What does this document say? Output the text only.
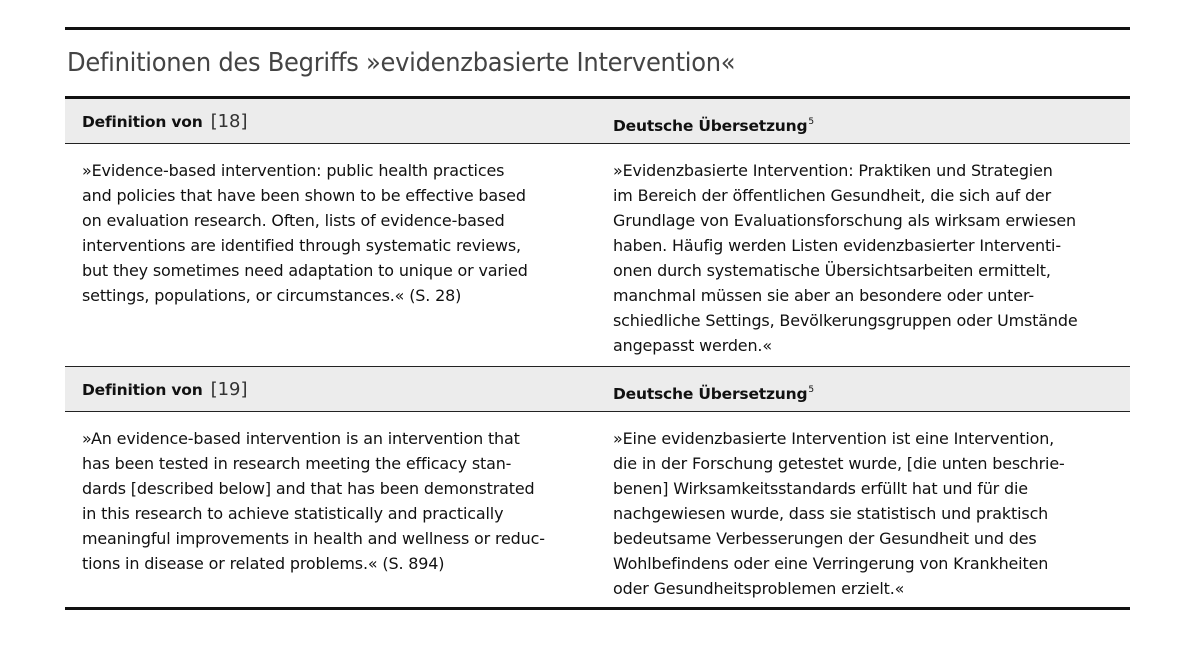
Definitionen des Begriffs »evidenzbasierte Intervention«
Definition von [18]	Deutsche Übersetzung$^5$
»Evidence-based intervention: public health practices
and policies that have been shown to be effective based
on evaluation research. Often, lists of evidence-based
interventions are identified through systematic reviews,
but they sometimes need adaptation to unique or varied
settings, populations, or circumstances.« (S. 28)
»Evidenzbasierte Intervention: Praktiken und Strategien
im Bereich der öffentlichen Gesundheit, die sich auf der
Grundlage von Evaluationsforschung als wirksam erwiesen
haben. Häufig werden Listen evidenzbasierter Interventi-
onen durch systematische Übersichtsarbeiten ermittelt,
manchmal müssen sie aber an besondere oder unter-
schiedliche Settings, Bevölkerungsgruppen oder Umstände
angepasst werden.«
Definition von [19]	Deutsche Übersetzung$^5$
»An evidence-based intervention is an intervention that
has been tested in research meeting the efficacy stan-
dards [described below] and that has been demonstrated
in this research to achieve statistically and practically
meaningful improvements in health and wellness or reduc-
tions in disease or related problems.« (S. 894)
»Eine evidenzbasierte Intervention ist eine Intervention,
die in der Forschung getestet wurde, [die unten beschrie-
benen] Wirksamkeitsstandards erfüllt hat und für die
nachgewiesen wurde, dass sie statistisch und praktisch
bedeutsame Verbesserungen der Gesundheit und des
Wohlbefindens oder eine Verringerung von Krankheiten
oder Gesundheitsproblemen erzielt.«
